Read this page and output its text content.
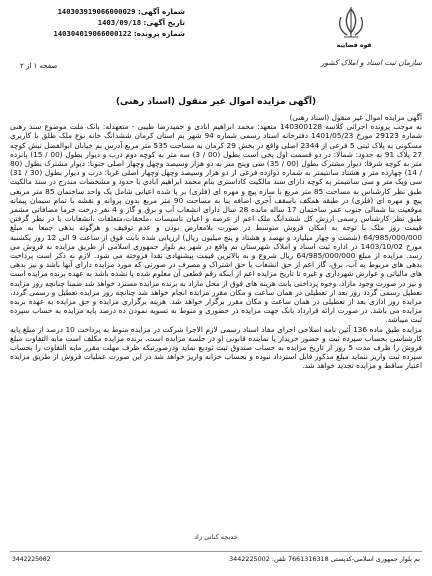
شماره آگهی: 140303919066000029
تاریخ آگهی: 1403/09/18
شماره پرونده: 140304019066000122
صفحه ۱ از ۲
قوه قضاییه
سازمان ثبت اسناد و املاک کشور
(آگهی مزایده اموال غیر منقول (اسناد رهنی)

آگهی مزایده اموال غیر منقول (اسناد رهنی)

به موجب پرونده اجرائی کلاسه 140300128 متعهد: محمد ابراهیم ابادی و حمیدرضا طیبی - متعهدله: بانک ملت موضوع سند رهنی شماره 29123 مورخ 1401/05/23 دفترخانه اسناد رسمی شماره 94 شهر بم استان کرمان ششدانگ خانه نوع ملک طلق با کاربری مسکونی به پلاک ثبتی 5 فرعی از 2344 اصلی واقع در بخش 29 کرمان به مساحت 535 متر مربع آدرس بم خیابان ابوالفضل نبش کوچه 27 پلاک 91 به حدود: شمالا: در دو قسمت اول پخی است بطول (00 / 3) سه متر به کوچه دوم درب و دیوار بطول (00 / 15) پانزده متر به کوچه شرقا: دیوار مشترک بطول (00 / 35) سی وپنج متر به دو هزار وسیصد وچهل وچهار اصلی جنوبا: دیوار مشترک بطول (80 / 14) چهارده متر و هشتاد سانتیمتر به شماره دوازده فرعی از دو هزار وسیصد وچهل وچهار اصلی غربا: درب و دیوار بطول (30 / 31) سی ویک متر و سی سانتیمتر به کوچه دارای سند مالکیت کاداستری بنام محمد ابراهیم ابادی با حدود و مشخصات مندرج در سند مالکیت طبق نظر کارشناس به مساحت 85 متر مربع با سازه پیچ و مهره ای (فلزی) بر پا شده اعیانی شامل یک واحد ساختمان 85 متر مربعی پیچ و مهره ای (فلزی) در طبقه همکف باسقف آجری اضافه بنا به مساحت 90 متر مربع بدون پروانه و نقشه با تمام سیمان پیمانه موقعیت بنا شمالی جنوب عمر ساختمان 17 ساله مانده 28 سال دارای انشعاب آب و برق و گاز و 4 نفر درخت خرما مضافاتی مشمر طبق نظر کارشناس رسمی ارزش کل ششدانگ ملک اعم از عرصه و اعیان تاسیسات ،ملحقات،متعلقات ،انشعابات با در نظر گرفتن قیمت روز ملک با توجه به امکان فروش متوسط در صورت بلامعارض بودن و عدم توقیف و هرگونه بدهی جمعا به مبلغ 64/985/000/000 (شصت و چهار میلیارد و نهصد و هشتاد و پنج میلیون ریال) ارزیابی شده بابت فوق از ساعت 9 الی 12 روز یکشنبه مورخ 1403/10/02 در اداره ثبت اسناد و املاک شهرستان بم واقع در شهر بم بلوار جمهوری اسلامی از طریق مزایده به فروش می رسد. مزایده از مبلغ 64/985/000/000 ریال شروع و به بالاترین قیمت پیشنهادی نقدا فروخته می شود. لازم به ذکر است پرداخت بدهی های مربوط به آب، برق، گاز اعم از حق انشعاب یا حق اشتراک و مصرف در صورتی که مورد مزایده دارای آنها باشد و نیز بدهی های مالیاتی و عوارض شهرداری و غیره تا تاریخ مزایده اعم از اینکه رقم قطعی آن معلوم شده یا نشده باشد به عهده برنده مزایده است و نیز در صورت وجود مازاد، وجوه پرداختی بابت هزینه های فوق از محل مازاد به برنده مزایده مسترد خواهد شد ضمنا چنانچه روز مزایده تعطیل رسمی گردد روز بعد از تعطیلی در همان ساعت و مکان مقرر مزایده انجام خواهد شد چنانچه روز مزایده تعطیل و رسمی گردد، مزایده روز اداری بعد از تعطیلی در همان ساعت و مکان مقرر برگزار خواهد شد. هزینه برگزاری مزایده و حق مزایده به عهده برنده مزایده می باشد. در صورت ارائه قرارداد بانک جهت مزایده در حضوری و منوط به تسویه نمودن ده درصد پایه مزایده به حساب سپرده ثبت میباشد.

مزایده طبق ماده 136 آئین نامه اصلاحی اجرای مفاد اسناد رسمی لازم الاجرا شرکت در مزایده منوط به پرداخت 10 درصد از مبلغ پایه کارشناسی بحساب سپرده ثبت و حضور خریدار یا نماینده قانونی او در جلسه مزایده است. برنده مزایده مکلف است مابه التفاوت مبلغ فروش را ظرف مدت 5 روز از تاریخ مزایده به حساب صندوق ثبت تودیع نماید ودرصورتیکه ظرف مهلت مقرر مابه التفاوت را بحساب سپرده ثبت واریز ننماید مبلغ مذکور قابل استرداد نبوده و بحساب خزانه واریز خواهد شد در این صورت عملیات فروش از طریق مزایده اعتبار ساقط و مزایده تجدید خواهد شد.

خدیجه کنانی زاد
3442225002	بم بلوار جمهوری اسلامی-کدپستی 7661316318 تلفن: 3442225002
